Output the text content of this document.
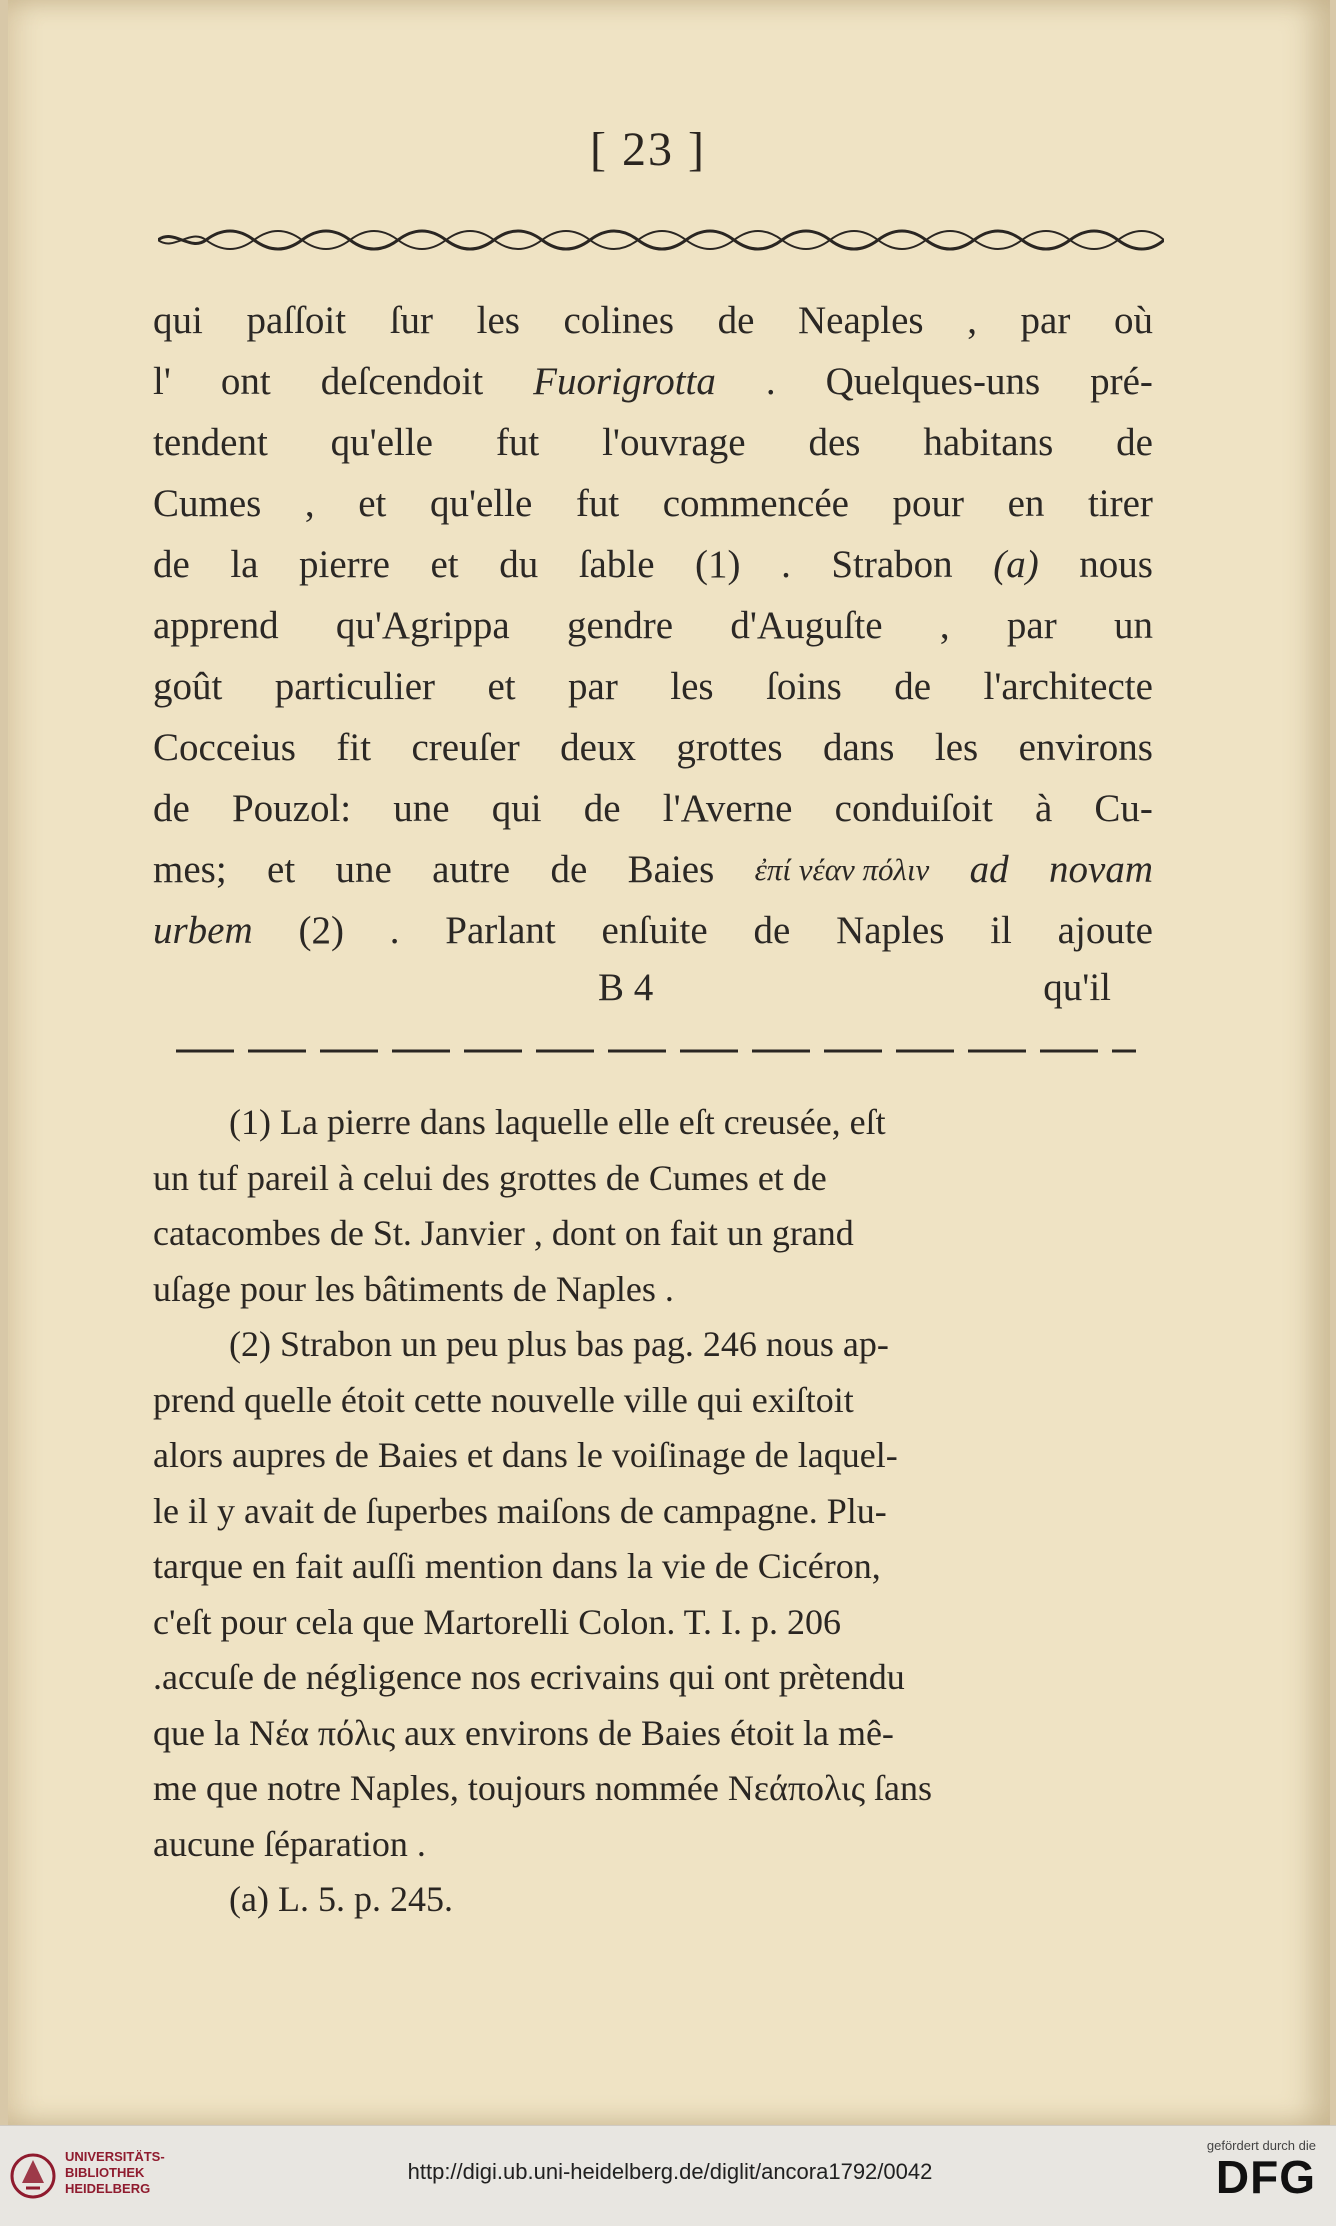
[ 23 ]
qui paſſoit ſur les colines de Neaples , par où
l' ont deſcendoit Fuorigrotta . Quelques-uns pré-
tendent qu'elle fut l'ouvrage des habitans de
Cumes , et qu'elle fut commencée pour en tirer
de la pierre et du ſable (1) . Strabon (a) nous
apprend qu'Agrippa gendre d'Auguſte , par un
goût particulier et par les ſoins de l'architecte
Cocceius fit creuſer deux grottes dans les environs
de Pouzol: une qui de l'Averne conduiſoit à Cu-
mes; et une autre de Baies ἐπί νέαν πόλιν ad novam
urbem (2) . Parlant enſuite de Naples il ajoute
B 4	qu'il
(1) La pierre dans laquelle elle eſt creusée, eſt
un tuf pareil à celui des grottes de Cumes et de
catacombes de St. Janvier , dont on fait un grand
uſage pour les bâtiments de Naples .
(2) Strabon un peu plus bas pag. 246 nous ap-
prend quelle étoit cette nouvelle ville qui exiſtoit
alors aupres de Baies et dans le voiſinage de laquel-
le il y avait de ſuperbes maiſons de campagne. Plu-
tarque en fait auſſi mention dans la vie de Cicéron,
c'eſt pour cela que Martorelli Colon. T. I. p. 206
.accuſe de négligence nos ecrivains qui ont prètendu
que la Νέα πόλις aux environs de Baies étoit la mê-
me que notre Naples, toujours nommée Νεάπολις ſans
aucune ſéparation .
(a) L. 5. p. 245.
UNIVERSITÄTS-
BIBLIOTHEK
HEIDELBERG
http://digi.ub.uni-heidelberg.de/diglit/ancora1792/0042
gefördert durch die
DFG
